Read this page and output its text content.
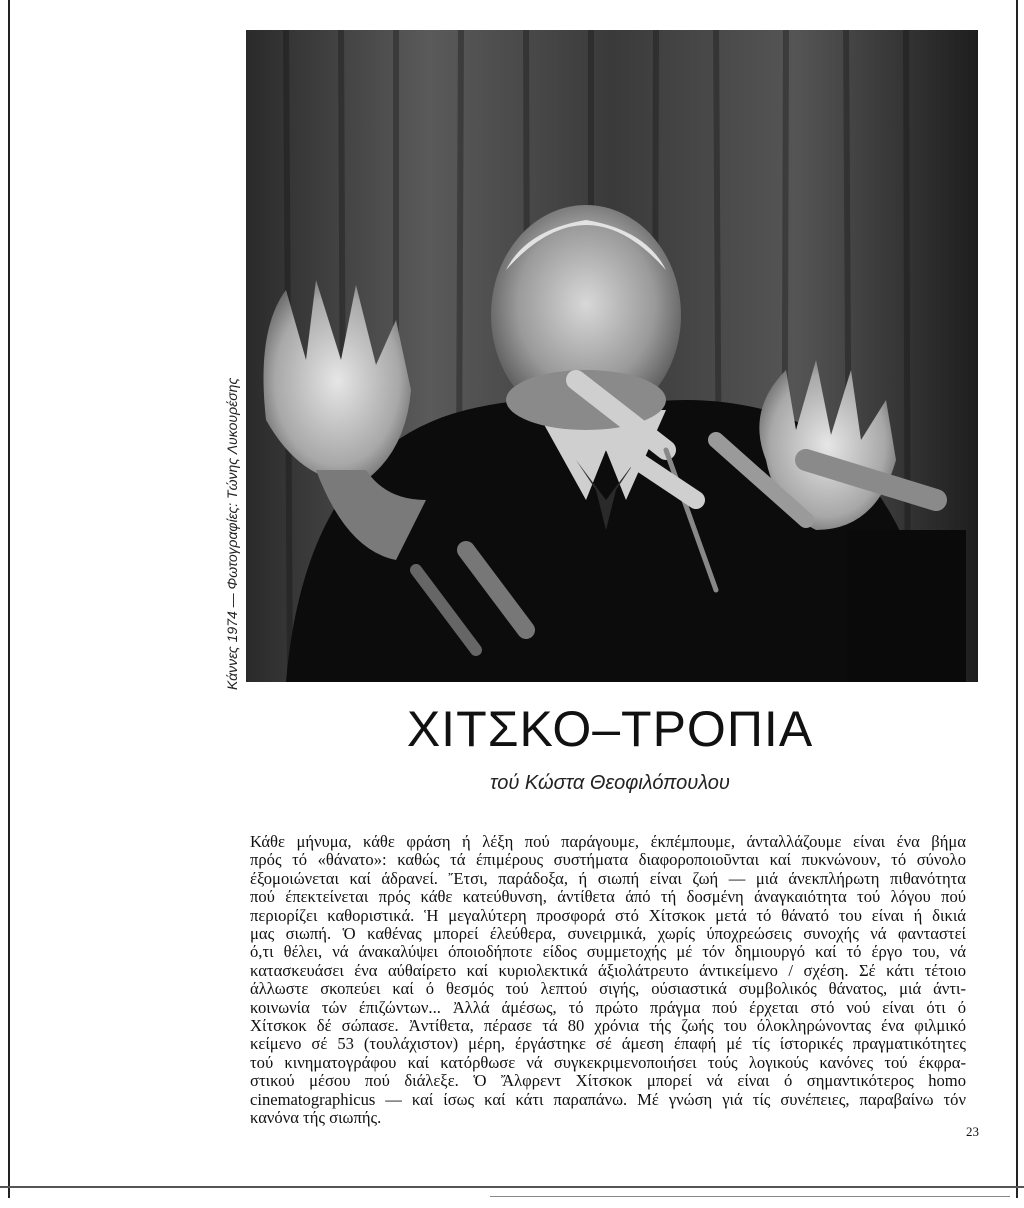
Κάννες 1974 — Φωτογραφίες: Τώνης Λυκουρέσης
ΧΙΤΣΚΟ–ΤΡΟΠΙΑ
τού Κώστα Θεοφιλόπουλου
Κάθε μήνυμα, κάθε φράση ή λέξη πού παράγουμε, έκπέμπουμε, άνταλλάζουμε είναι ένα βήμα
πρός τό «θάνατο»: καθώς τά έπιμέρους συστήματα διαφοροποιοῦνται καί πυκνώνουν, τό σύνολο
έξομοιώνεται καί άδρανεί. Ἔτσι, παράδοξα, ή σιωπή είναι ζωή — μιά άνεκπλήρωτη πιθανότητα
πού έπεκτείνεται πρός κάθε κατεύθυνση, άντίθετα άπό τή δοσμένη άναγκαιότητα τού λόγου πού
περιορίζει καθοριστικά. Ἡ μεγαλύτερη προσφορά στό Χίτσκοκ μετά τό θάνατό του είναι ή δικιά
μας σιωπή. Ὁ καθένας μπορεί έλεύθερα, συνειρμικά, χωρίς ύποχρεώσεις συνοχής νά φανταστεί
ό,τι θέλει, νά άνακαλύψει όποιοδήποτε είδος συμμετοχής μέ τόν δημιουργό καί τό έργο του, νά
κατασκευάσει ένα αύθαίρετο καί κυριολεκτικά άξιολάτρευτο άντικείμενο / σχέση. Σέ κάτι τέτοιο
άλλωστε σκοπεύει καί ό θεσμός τού λεπτού σιγής, ούσιαστικά συμβολικός θάνατος, μιά άντι-
κοινωνία τών έπιζώντων... Ἀλλά άμέσως, τό πρώτο πράγμα πού έρχεται στό νού είναι ότι ό
Χίτσκοκ δέ σώπασε. Ἀντίθετα, πέρασε τά 80 χρόνια τής ζωής του όλοκληρώνοντας ένα φιλμικό
κείμενο σέ 53 (τουλάχιστον) μέρη, έργάστηκε σέ άμεση έπαφή μέ τίς ίστορικές πραγματικότητες
τού κινηματογράφου καί κατόρθωσε νά συγκεκριμενοποιήσει τούς λογικούς κανόνες τού έκφρα-
στικού μέσου πού διάλεξε. Ὁ Ἄλφρεντ Χίτσκοκ μπορεί νά είναι ό σημαντικότερος homo
cinematographicus — καί ίσως καί κάτι παραπάνω. Μέ γνώση γιά τίς συνέπειες, παραβαίνω τόν
κανόνα τής σιωπής.
23
